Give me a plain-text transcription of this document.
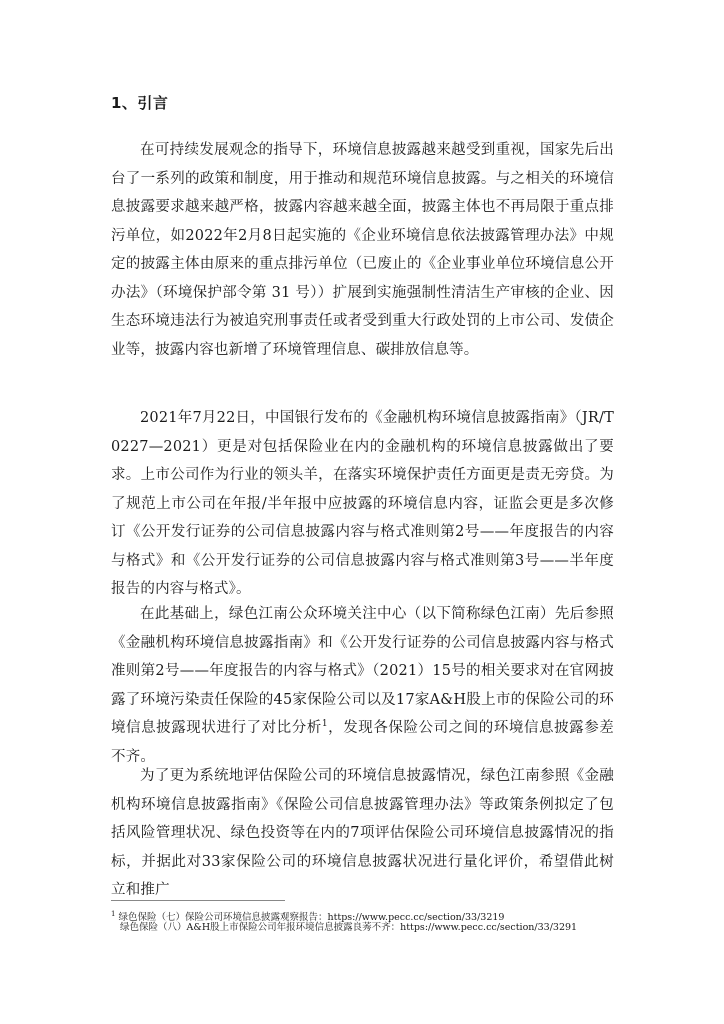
1、引言

在可持续发展观念的指导下，环境信息披露越来越受到重视，国家先后出台了一系列的政策和制度，用于推动和规范环境信息披露。与之相关的环境信息披露要求越来越严格，披露内容越来越全面，披露主体也不再局限于重点排污单位，如2022年2月8日起实施的《企业环境信息依法披露管理办法》中规定的披露主体由原来的重点排污单位（已废止的《企业事业单位环境信息公开办法》（环境保护部令第 31 号））扩展到实施强制性清洁生产审核的企业、因生态环境违法行为被追究刑事责任或者受到重大行政处罚的上市公司、发债企业等，披露内容也新增了环境管理信息、碳排放信息等。

2021年7月22日，中国银行发布的《金融机构环境信息披露指南》（JR/T 0227—2021）更是对包括保险业在内的金融机构的环境信息披露做出了要求。上市公司作为行业的领头羊，在落实环境保护责任方面更是责无旁贷。为了规范上市公司在年报/半年报中应披露的环境信息内容，证监会更是多次修订《公开发行证券的公司信息披露内容与格式准则第2号——年度报告的内容与格式》和《公开发行证券的公司信息披露内容与格式准则第3号——半年度报告的内容与格式》。

在此基础上，绿色江南公众环境关注中心（以下简称绿色江南）先后参照《金融机构环境信息披露指南》和《公开发行证券的公司信息披露内容与格式准则第2号——年度报告的内容与格式》（2021）15号的相关要求对在官网披露了环境污染责任保险的45家保险公司以及17家A&H股上市的保险公司的环境信息披露现状进行了对比分析$^1$，发现各保险公司之间的环境信息披露参差不齐。

为了更为系统地评估保险公司的环境信息披露情况，绿色江南参照《金融机构环境信息披露指南》《保险公司信息披露管理办法》等政策条例拟定了包括风险管理状况、绿色投资等在内的7项评估保险公司环境信息披露情况的指标，并据此对33家保险公司的环境信息披露状况进行量化评价，希望借此树立和推广

$^1$ 绿色保险（七）保险公司环境信息披露观察报告：https://www.pecc.cc/section/33/3219
绿色保险（八）A&H股上市保险公司年报环境信息披露良莠不齐：https://www.pecc.cc/section/33/3291
